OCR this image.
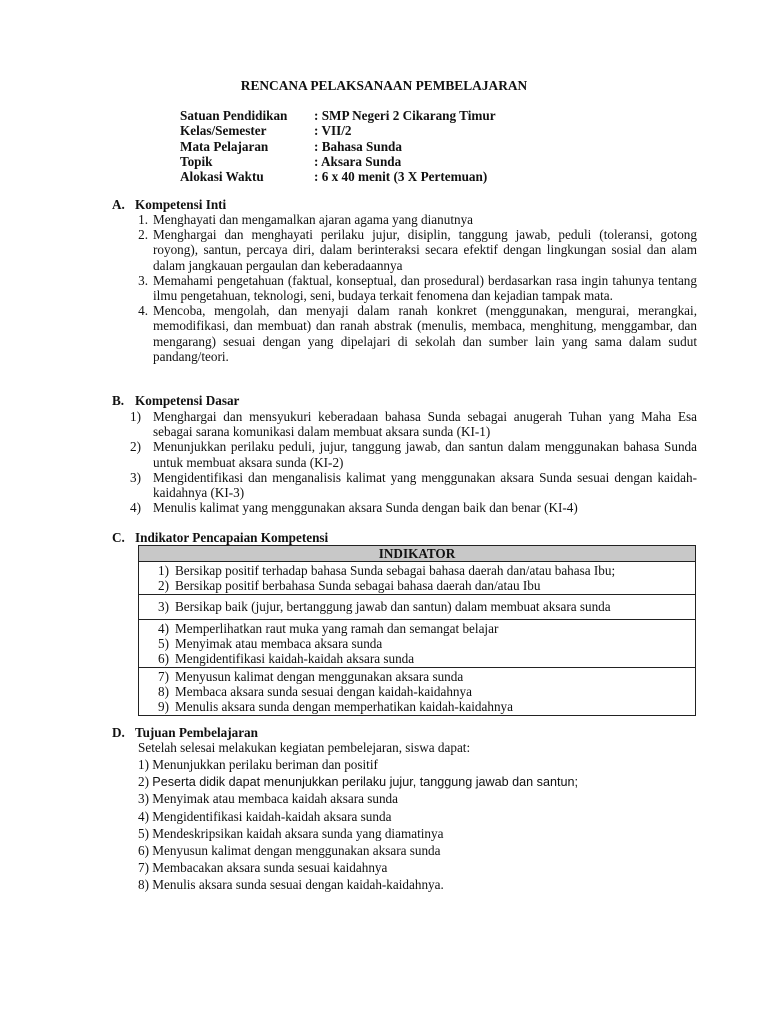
RENCANA PELAKSANAAN PEMBELAJARAN
Satuan Pendidikan	: SMP Negeri 2 Cikarang Timur
Kelas/Semester	: VII/2
Mata Pelajaran	: Bahasa Sunda
Topik	: Aksara Sunda
Alokasi Waktu	: 6 x 40 menit (3 X Pertemuan)
A. Kompetensi Inti
1. Menghayati dan mengamalkan ajaran agama yang dianutnya
2. Menghargai dan menghayati perilaku jujur, disiplin, tanggung jawab, peduli (toleransi, gotong royong), santun, percaya diri, dalam berinteraksi secara efektif dengan lingkungan sosial dan alam dalam jangkauan pergaulan dan keberadaannya
3. Memahami pengetahuan (faktual, konseptual, dan prosedural) berdasarkan rasa ingin tahunya tentang ilmu pengetahuan, teknologi, seni, budaya terkait fenomena dan kejadian tampak mata.
4. Mencoba, mengolah, dan menyaji dalam ranah konkret (menggunakan, mengurai, merangkai, memodifikasi, dan membuat) dan ranah abstrak (menulis, membaca, menghitung, menggambar, dan mengarang) sesuai dengan yang dipelajari di sekolah dan sumber lain yang sama dalam sudut pandang/teori.
B. Kompetensi Dasar
1) Menghargai dan mensyukuri keberadaan bahasa Sunda sebagai anugerah Tuhan yang Maha Esa sebagai sarana komunikasi dalam membuat aksara sunda (KI-1)
2) Menunjukkan perilaku peduli, jujur, tanggung jawab, dan santun dalam menggunakan bahasa Sunda untuk membuat aksara sunda (KI-2)
3) Mengidentifikasi dan menganalisis kalimat yang menggunakan aksara Sunda sesuai dengan kaidah-kaidahnya (KI-3)
4) Menulis kalimat yang menggunakan aksara Sunda dengan baik dan benar (KI-4)
C. Indikator Pencapaian Kompetensi
INDIKATOR
1) Bersikap positif terhadap bahasa Sunda sebagai bahasa daerah dan/atau bahasa Ibu;
2) Bersikap positif berbahasa Sunda sebagai bahasa daerah dan/atau Ibu
3) Bersikap baik (jujur, bertanggung jawab dan santun) dalam membuat aksara sunda
4) Memperlihatkan raut muka yang ramah dan semangat belajar
5) Menyimak atau membaca aksara sunda
6) Mengidentifikasi kaidah-kaidah aksara sunda
7) Menyusun kalimat dengan menggunakan aksara sunda
8) Membaca aksara sunda sesuai dengan kaidah-kaidahnya
9) Menulis aksara sunda dengan memperhatikan kaidah-kaidahnya
D. Tujuan Pembelajaran
Setelah selesai melakukan kegiatan pembelejaran, siswa dapat:
1) Menunjukkan perilaku beriman dan positif
2) Peserta didik dapat menunjukkan perilaku jujur, tanggung jawab dan santun;
3) Menyimak atau membaca kaidah aksara sunda
4) Mengidentifikasi kaidah-kaidah aksara sunda
5) Mendeskripsikan kaidah aksara sunda yang diamatinya
6) Menyusun kalimat dengan menggunakan aksara sunda
7) Membacakan aksara sunda sesuai kaidahnya
8) Menulis aksara sunda sesuai dengan kaidah-kaidahnya.
